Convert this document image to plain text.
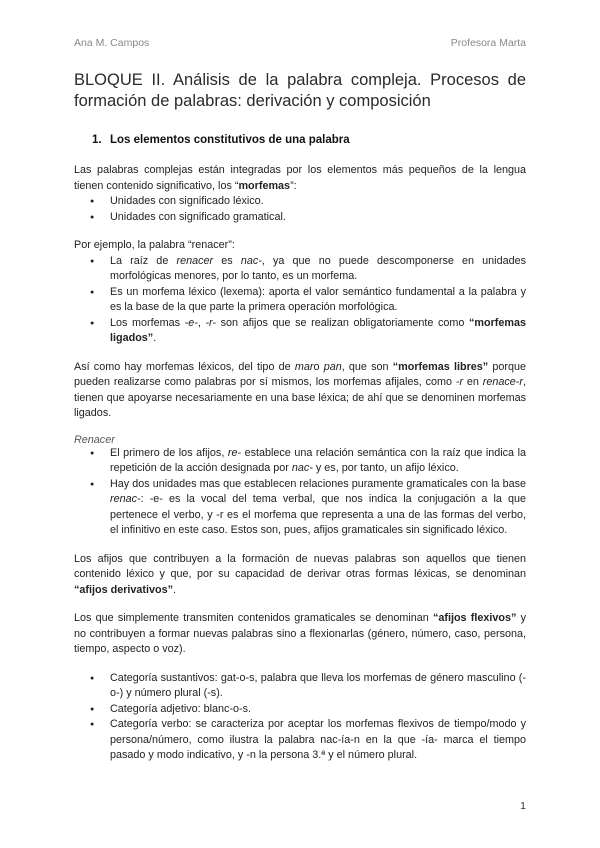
Ana M. Campos	Profesora Marta
BLOQUE II. Análisis de la palabra compleja. Procesos de formación de palabras: derivación y composición
1. Los elementos constitutivos de una palabra

Las palabras complejas están integradas por los elementos más pequeños de la lengua tienen contenido significativo, los “morfemas”:

● Unidades con significado léxico.
● Unidades con significado gramatical.

Por ejemplo, la palabra “renacer”:

● La raíz de renacer es nac-, ya que no puede descomponerse en unidades morfológicas menores, por lo tanto, es un morfema.
● Es un morfema léxico (lexema): aporta el valor semántico fundamental a la palabra y es la base de la que parte la primera operación morfológica.
● Los morfemas -e-, -r- son afijos que se realizan obligatoriamente como “morfemas ligados”.

Así como hay morfemas léxicos, del tipo de maro pan, que son “morfemas libres” porque pueden realizarse como palabras por sí mismos, los morfemas afijales, como -r en renace-r, tienen que apoyarse necesariamente en una base léxica; de ahí que se denominen morfemas ligados.

Renacer
● El primero de los afijos, re- establece una relación semántica con la raíz que indica la repetición de la acción designada por nac- y es, por tanto, un afijo léxico.
● Hay dos unidades mas que establecen relaciones puramente gramaticales con la base renac-: -e- es la vocal del tema verbal, que nos indica la conjugación a la que pertenece el verbo, y -r es el morfema que representa a una de las formas del verbo, el infinitivo en este caso. Estos son, pues, afijos gramaticales sin significado léxico.

Los afijos que contribuyen a la formación de nuevas palabras son aquellos que tienen contenido léxico y que, por su capacidad de derivar otras formas léxicas, se denominan “afijos derivativos”.

Los que simplemente transmiten contenidos gramaticales se denominan “afijos flexivos” y no contribuyen a formar nuevas palabras sino a flexionarlas (género, número, caso, persona, tiempo, aspecto o voz).

● Categoría sustantivos: gat-o-s, palabra que lleva los morfemas de género masculino (-o-) y número plural (-s).
● Categoría adjetivo: blanc-o-s.
● Categoría verbo: se caracteriza por aceptar los morfemas flexivos de tiempo/modo y persona/número, como ilustra la palabra nac-ía-n en la que -ía- marca el tiempo pasado y modo indicativo, y -n la persona 3.ª y el número plural.
1
